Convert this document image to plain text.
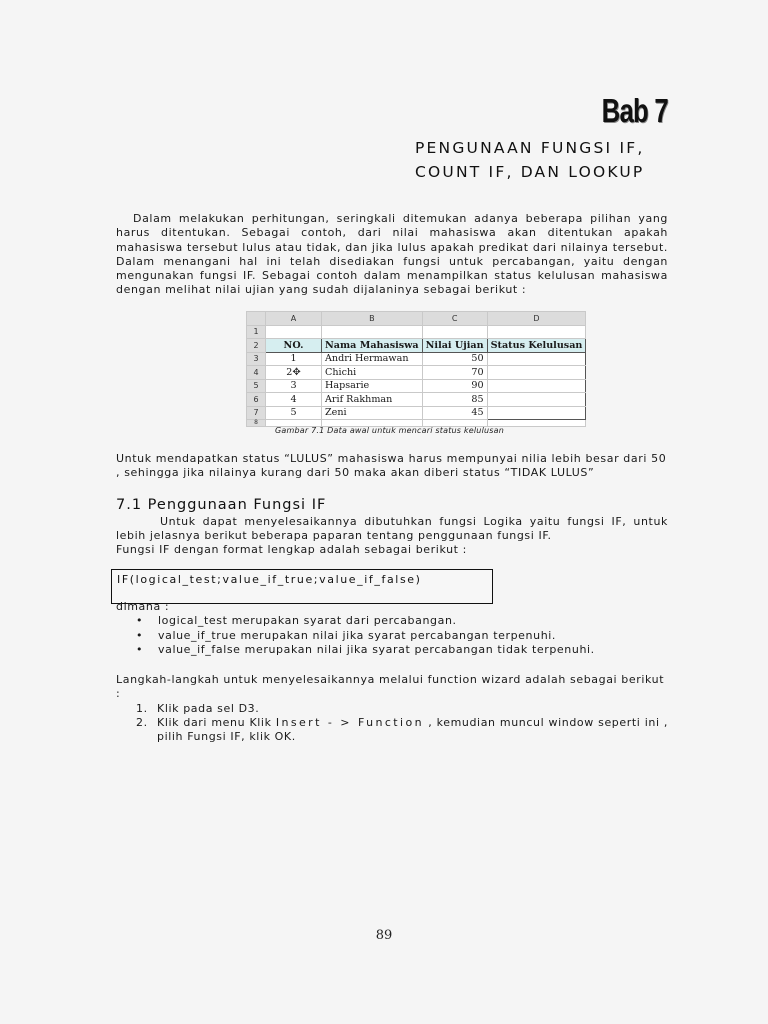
Bab 7
PENGUNAAN FUNGSI IF,
COUNT IF, DAN LOOKUP

Dalam melakukan perhitungan, seringkali ditemukan adanya beberapa pilihan yang harus ditentukan. Sebagai contoh, dari nilai mahasiswa akan ditentukan apakah mahasiswa tersebut lulus atau tidak, dan jika lulus apakah predikat dari nilainya tersebut. Dalam menangani hal ini telah disediakan fungsi untuk percabangan, yaitu dengan mengunakan fungsi IF. Sebagai contoh dalam menampilkan status kelulusan mahasiswa dengan melihat nilai ujian yang sudah dijalaninya sebagai berikut :

	A	B	C	D
1				
2	NO.	Nama Mahasiswa	Nilai Ujian	Status Kelulusan
3	1	Andri Hermawan	50	
4	2✥	Chichi	70	
5	3	Hapsarie	90	
6	4	Arif Rakhman	85	
7	5	Zeni	45	
8				
Gambar 7.1 Data awal untuk mencari status kelulusan

Untuk mendapatkan status “LULUS” mahasiswa harus mempunyai nilia lebih besar dari 50 , sehingga jika nilainya kurang dari 50 maka akan diberi status “TIDAK LULUS”

7.1 Penggunaan Fungsi IF

Untuk dapat menyelesaikannya dibutuhkan fungsi Logika yaitu fungsi IF, untuk lebih jelasnya berikut beberapa paparan tentang penggunaan fungsi IF.

Fungsi IF dengan format lengkap adalah sebagai berikut :

IF(logical_test;value_if_true;value_if_false)
dimana :
• logical_test merupakan syarat dari percabangan.
• value_if_true merupakan nilai jika syarat percabangan terpenuhi.
• value_if_false merupakan nilai jika syarat percabangan tidak terpenuhi.
Langkah-langkah untuk menyelesaikannya melalui function wizard adalah sebagai berikut :
1. Klik pada sel D3.
2. Klik dari menu Klik Insert - > Function , kemudian muncul window seperti ini , pilih Fungsi IF, klik OK.
89
